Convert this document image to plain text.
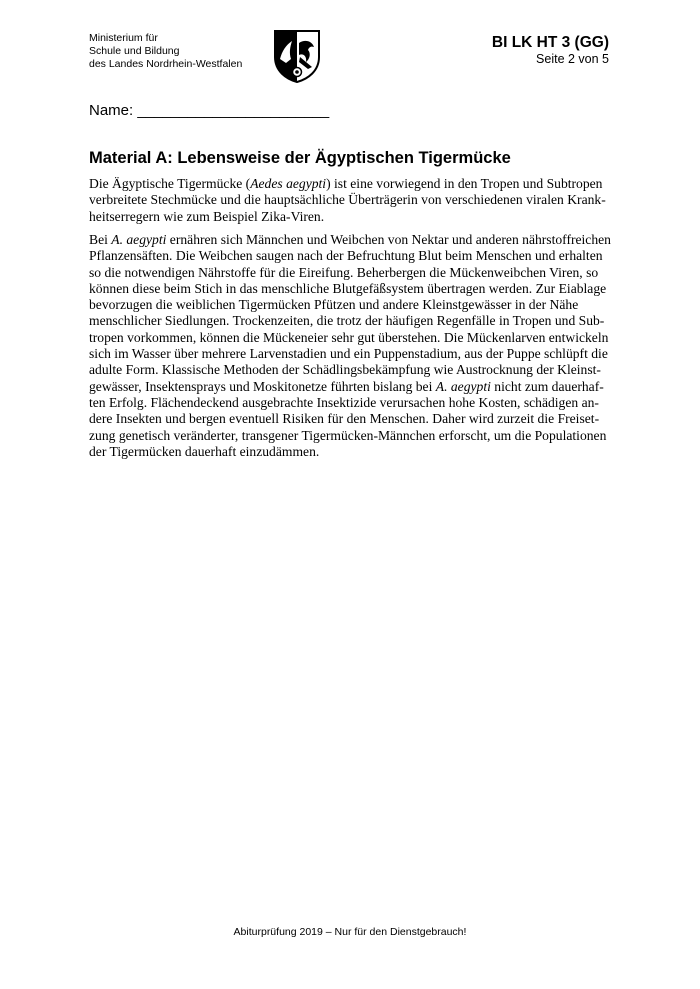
Ministerium für
Schule und Bildung
des Landes Nordrhein-Westfalen
BI LK HT 3 (GG)
Seite 2 von 5
Name: _______________________
Material A: Lebensweise der Ägyptischen Tigermücke
Die Ägyptische Tigermücke (Aedes aegypti) ist eine vorwiegend in den Tropen und Subtropen
verbreitete Stechmücke und die hauptsächliche Überträgerin von verschiedenen viralen Krank-
heitserregern wie zum Beispiel Zika-Viren.
Bei A. aegypti ernähren sich Männchen und Weibchen von Nektar und anderen nährstoffreichen
Pflanzensäften. Die Weibchen saugen nach der Befruchtung Blut beim Menschen und erhalten
so die notwendigen Nährstoffe für die Eireifung. Beherbergen die Mückenweibchen Viren, so
können diese beim Stich in das menschliche Blutgefäßsystem übertragen werden. Zur Eiablage
bevorzugen die weiblichen Tigermücken Pfützen und andere Kleinstgewässer in der Nähe
menschlicher Siedlungen. Trockenzeiten, die trotz der häufigen Regenfälle in Tropen und Sub-
tropen vorkommen, können die Mückeneier sehr gut überstehen. Die Mückenlarven entwickeln
sich im Wasser über mehrere Larvenstadien und ein Puppenstadium, aus der Puppe schlüpft die
adulte Form. Klassische Methoden der Schädlingsbekämpfung wie Austrocknung der Kleinst-
gewässer, Insektensprays und Moskitonetze führten bislang bei A. aegypti nicht zum dauerhaf-
ten Erfolg. Flächendeckend ausgebrachte Insektizide verursachen hohe Kosten, schädigen an-
dere Insekten und bergen eventuell Risiken für den Menschen. Daher wird zurzeit die Freiset-
zung genetisch veränderter, transgener Tigermücken-Männchen erforscht, um die Populationen
der Tigermücken dauerhaft einzudämmen.
Abiturprüfung 2019 – Nur für den Dienstgebrauch!
